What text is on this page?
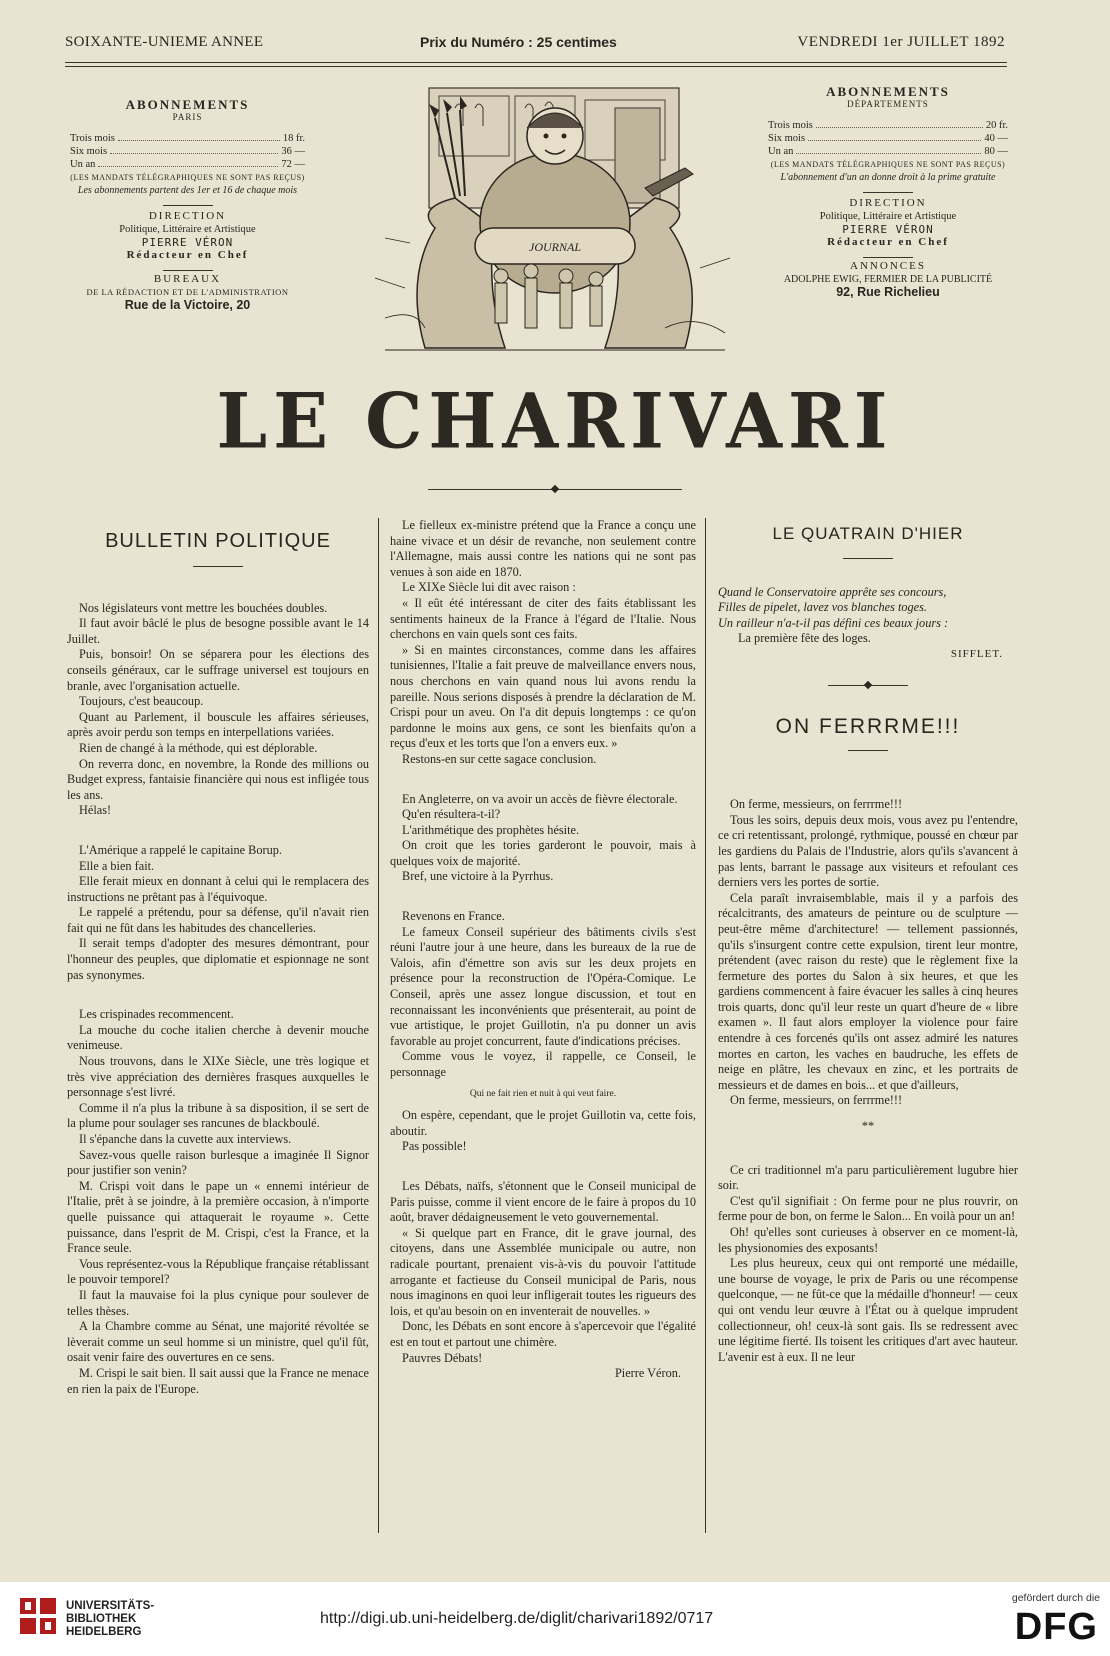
SOIXANTE-UNIEME ANNEE	Prix du Numéro : 25 centimes	VENDREDI 1er JUILLET 1892
ABONNEMENTS
PARIS
Trois mois	18 fr.
Six mois	36 —
Un an	72 —
(LES MANDATS TÉLÉGRAPHIQUES NE SONT PAS REÇUS)
Les abonnements partent des 1er et 16 de chaque mois
DIRECTION
Politique, Littéraire et Artistique
PIERRE VÉRON
Rédacteur en Chef
BUREAUX
DE LA RÉDACTION ET DE L'ADMINISTRATION
Rue de la Victoire, 20
JOURNAL
ABONNEMENTS
DÉPARTEMENTS
Trois mois	20 fr.
Six mois	40 —
Un an	80 —
(LES MANDATS TÉLÉGRAPHIQUES NE SONT PAS REÇUS)
L'abonnement d'un an donne droit à la prime gratuite
DIRECTION
Politique, Littéraire et Artistique
PIERRE VÉRON
Rédacteur en Chef
ANNONCES
ADOLPHE EWIG, FERMIER DE LA PUBLICITÉ
92, Rue Richelieu
LE CHARIVARI

BULLETIN POLITIQUE

Nos législateurs vont mettre les bouchées doubles.

Il faut avoir bâclé le plus de besogne possible avant le 14 Juillet.

Puis, bonsoir! On se séparera pour les élections des conseils généraux, car le suffrage universel est toujours en branle, avec l'organisation actuelle.

Toujours, c'est beaucoup.

Quant au Parlement, il bouscule les affaires sérieuses, après avoir perdu son temps en interpellations variées.

Rien de changé à la méthode, qui est déplorable.

On reverra donc, en novembre, la Ronde des millions ou Budget express, fantaisie financière qui nous est infligée tous les ans.

Hélas!

L'Amérique a rappelé le capitaine Borup.

Elle a bien fait.

Elle ferait mieux en donnant à celui qui le remplacera des instructions ne prêtant pas à l'équivoque.

Le rappelé a prétendu, pour sa défense, qu'il n'avait rien fait qui ne fût dans les habitudes des chancelleries.

Il serait temps d'adopter des mesures démontrant, pour l'honneur des peuples, que diplomatie et espionnage ne sont pas synonymes.

Les crispinades recommencent.

La mouche du coche italien cherche à devenir mouche venimeuse.

Nous trouvons, dans le XIXe Siècle, une très logique et très vive appréciation des dernières frasques auxquelles le personnage s'est livré.

Comme il n'a plus la tribune à sa disposition, il se sert de la plume pour soulager ses rancunes de blackboulé.

Il s'épanche dans la cuvette aux interviews.

Savez-vous quelle raison burlesque a imaginée Il Signor pour justifier son venin?

M. Crispi voit dans le pape un « ennemi intérieur de l'Italie, prêt à se joindre, à la première occasion, à n'importe quelle puissance qui attaquerait le royaume ». Cette puissance, dans l'esprit de M. Crispi, c'est la France, et la France seule.

Vous représentez-vous la République française rétablissant le pouvoir temporel?

Il faut la mauvaise foi la plus cynique pour soulever de telles thèses.

A la Chambre comme au Sénat, une majorité révoltée se lèverait comme un seul homme si un ministre, quel qu'il fût, osait venir faire des ouvertures en ce sens.

M. Crispi le sait bien. Il sait aussi que la France ne menace en rien la paix de l'Europe.

Le fielleux ex-ministre prétend que la France a conçu une haine vivace et un désir de revanche, non seulement contre l'Allemagne, mais aussi contre les nations qui ne sont pas venues à son aide en 1870.

Le XIXe Siècle lui dit avec raison :

« Il eût été intéressant de citer des faits établissant les sentiments haineux de la France à l'égard de l'Italie. Nous cherchons en vain quels sont ces faits.

» Si en maintes circonstances, comme dans les affaires tunisiennes, l'Italie a fait preuve de malveillance envers nous, nous cherchons en vain quand nous lui avons rendu la pareille. Nous serions disposés à prendre la déclaration de M. Crispi pour un aveu. On l'a dit depuis longtemps : ce qu'on pardonne le moins aux gens, ce sont les bienfaits qu'on a reçus d'eux et les torts que l'on a envers eux. »

Restons-en sur cette sagace conclusion.

En Angleterre, on va avoir un accès de fièvre électorale.

Qu'en résultera-t-il?

L'arithmétique des prophètes hésite.

On croit que les tories garderont le pouvoir, mais à quelques voix de majorité.

Bref, une victoire à la Pyrrhus.

Revenons en France.

Le fameux Conseil supérieur des bâtiments civils s'est réuni l'autre jour à une heure, dans les bureaux de la rue de Valois, afin d'émettre son avis sur les deux projets en présence pour la reconstruction de l'Opéra-Comique. Le Conseil, après une assez longue discussion, et tout en reconnaissant les inconvénients que présenterait, au point de vue artistique, le projet Guillotin, n'a pu donner un avis favorable au projet concurrent, faute d'indications précises.

Comme vous le voyez, il rappelle, ce Conseil, le personnage

Qui ne fait rien et nuit à qui veut faire.

On espère, cependant, que le projet Guillotin va, cette fois, aboutir.

Pas possible!

Les Débats, naïfs, s'étonnent que le Conseil municipal de Paris puisse, comme il vient encore de le faire à propos du 10 août, braver dédaigneusement le veto gouvernemental.

« Si quelque part en France, dit le grave journal, des citoyens, dans une Assemblée municipale ou autre, non radicale pourtant, prenaient vis-à-vis du pouvoir l'attitude arrogante et factieuse du Conseil municipal de Paris, nous nous imaginons en quoi leur infligerait toutes les rigueurs des lois, et qu'au besoin on en inventerait de nouvelles. »

Donc, les Débats en sont encore à s'apercevoir que l'égalité est en tout et partout une chimère.

Pauvres Débats!

Pierre Véron.

LE QUATRAIN D'HIER

Quand le Conservatoire apprête ses concours,

Filles de pipelet, lavez vos blanches toges.

Un railleur n'a-t-il pas défini ces beaux jours :

La première fête des loges.

SIFFLET.

ON FERRRME!!!

On ferme, messieurs, on ferrrme!!!

Tous les soirs, depuis deux mois, vous avez pu l'entendre, ce cri retentissant, prolongé, rythmique, poussé en chœur par les gardiens du Palais de l'Industrie, alors qu'ils s'avancent à pas lents, barrant le passage aux visiteurs et refoulant ces derniers vers les portes de sortie.

Cela paraît invraisemblable, mais il y a parfois des récalcitrants, des amateurs de peinture ou de sculpture — peut-être même d'architecture! — tellement passionnés, qu'ils s'insurgent contre cette expulsion, tirent leur montre, prétendent (avec raison du reste) que le règlement fixe la fermeture des portes du Salon à six heures, et que les gardiens commencent à faire évacuer les salles à cinq heures trois quarts, donc qu'il leur reste un quart d'heure de « libre examen ». Il faut alors employer la violence pour faire entendre à ces forcenés qu'ils ont assez admiré les natures mortes en carton, les vaches en baudruche, les effets de neige en plâtre, les chevaux en zinc, et les portraits de messieurs et de dames en bois... et que d'ailleurs,

On ferme, messieurs, on ferrrme!!!

**

Ce cri traditionnel m'a paru particulièrement lugubre hier soir.

C'est qu'il signifiait : On ferme pour ne plus rouvrir, on ferme pour de bon, on ferme le Salon... En voilà pour un an!

Oh! qu'elles sont curieuses à observer en ce moment-là, les physionomies des exposants!

Les plus heureux, ceux qui ont remporté une médaille, une bourse de voyage, le prix de Paris ou une récompense quelconque, — ne fût-ce que la médaille d'honneur! — ceux qui ont vendu leur œuvre à l'État ou à quelque imprudent collectionneur, oh! ceux-là sont gais. Ils se redressent avec une légitime fierté. Ils toisent les critiques d'art avec hauteur. L'avenir est à eux. Il ne leur

UNIVERSITÄTS-
BIBLIOTHEK
HEIDELBERG
http://digi.ub.uni-heidelberg.de/diglit/charivari1892/0717
gefördert durch die
DFG
